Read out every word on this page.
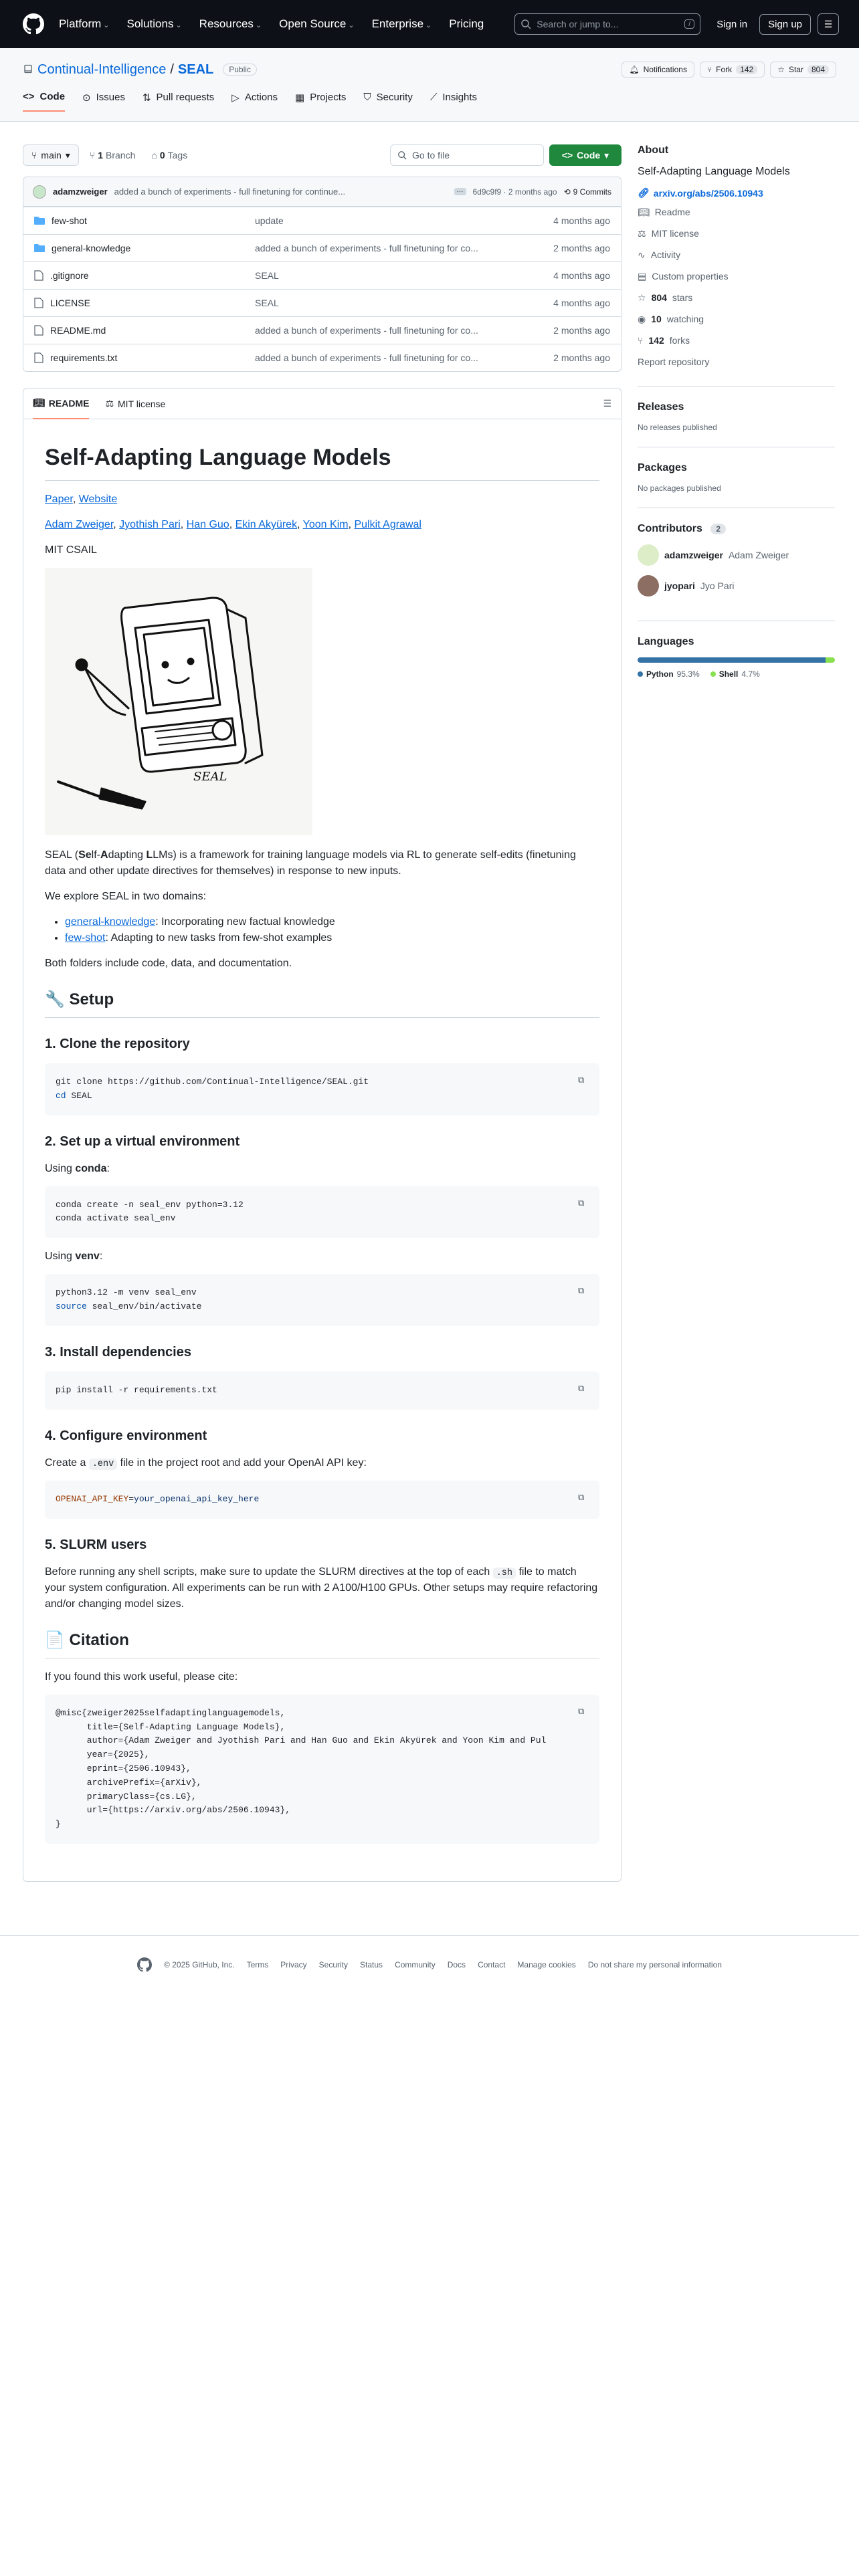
Platform ⌄ Solutions ⌄ Resources ⌄ Open Source ⌄ Enterprise ⌄ Pricing	Search or jump to...	/	Sign in	Sign up	☰
Continual-Intelligence / SEAL	Public	🔔︎ Notifications	⑂ Fork	142	☆ Star	804
<> Code ⊙ Issues ⇅ Pull requests ▷ Actions ▦ Projects ⛉ Security ⟋ Insights
⑂ main ▾ ⑂ 1 Branch ⌂ 0 Tags	Go to file	<> Code ▾
adamzweiger added a bunch of experiments - full finetuning for continue...	···	6d9c9f9 · 2 months ago ⟲ 9 Commits
few-shot	update	4 months ago
general-knowledge	added a bunch of experiments - full finetuning for co...	2 months ago
.gitignore	SEAL	4 months ago
LICENSE	SEAL	4 months ago
README.md	added a bunch of experiments - full finetuning for co...	2 months ago
requirements.txt	added a bunch of experiments - full finetuning for co...	2 months ago
📖︎ README ⚖︎ MIT license	☰
Self-Adapting Language Models

Paper, Website

Adam Zweiger, Jyothish Pari, Han Guo, Ekin Akyürek, Yoon Kim, Pulkit Agrawal

MIT CSAIL

SEAL

SEAL (Self-Adapting LLMs) is a framework for training language models via RL to generate self-edits (finetuning data and other update directives for themselves) in response to new inputs.

We explore SEAL in two domains:

• general-knowledge: Incorporating new factual knowledge
• few-shot: Adapting to new tasks from few-shot examples

Both folders include code, data, and documentation.

🔧 Setup
1. Clone the repository
⧉
git clone https://github.com/Continual-Intelligence/SEAL.git
cd SEAL
2. Set up a virtual environment

Using conda:

⧉
conda create -n seal_env python=3.12
conda activate seal_env

Using venv:

⧉
python3.12 -m venv seal_env
source seal_env/bin/activate
3. Install dependencies
⧉
pip install -r requirements.txt
4. Configure environment

Create a .env file in the project root and add your OpenAI API key:

⧉
OPENAI_API_KEY=your_openai_api_key_here
5. SLURM users

Before running any shell scripts, make sure to update the SLURM directives at the top of each .sh file to match your system configuration. All experiments can be run with 2 A100/H100 GPUs. Other setups may require refactoring and/or changing model sizes.

📄 Citation

If you found this work useful, please cite:

⧉
@misc{zweiger2025selfadaptinglanguagemodels,
title={Self-Adapting Language Models},
author={Adam Zweiger and Jyothish Pari and Han Guo and Ekin Akyürek and Yoon Kim and Pul
year={2025},
eprint={2506.10943},
archivePrefix={arXiv},
primaryClass={cs.LG},
url={https://arxiv.org/abs/2506.10943},
}
About
Self-Adapting Language Models
🔗︎ arxiv.org/abs/2506.10943
📖︎ Readme
⚖︎ MIT license
∿ Activity
▤ Custom properties
☆ 804 stars
◉ 10 watching
⑂ 142 forks
Report repository
Releases
No releases published
Packages
No packages published
Contributors 2
adamzweiger Adam Zweiger
jyopari Jyo Pari
Languages
Python 95.3% Shell 4.7%
© 2025 GitHub, Inc. Terms Privacy Security Status Community Docs Contact Manage cookies Do not share my personal information
